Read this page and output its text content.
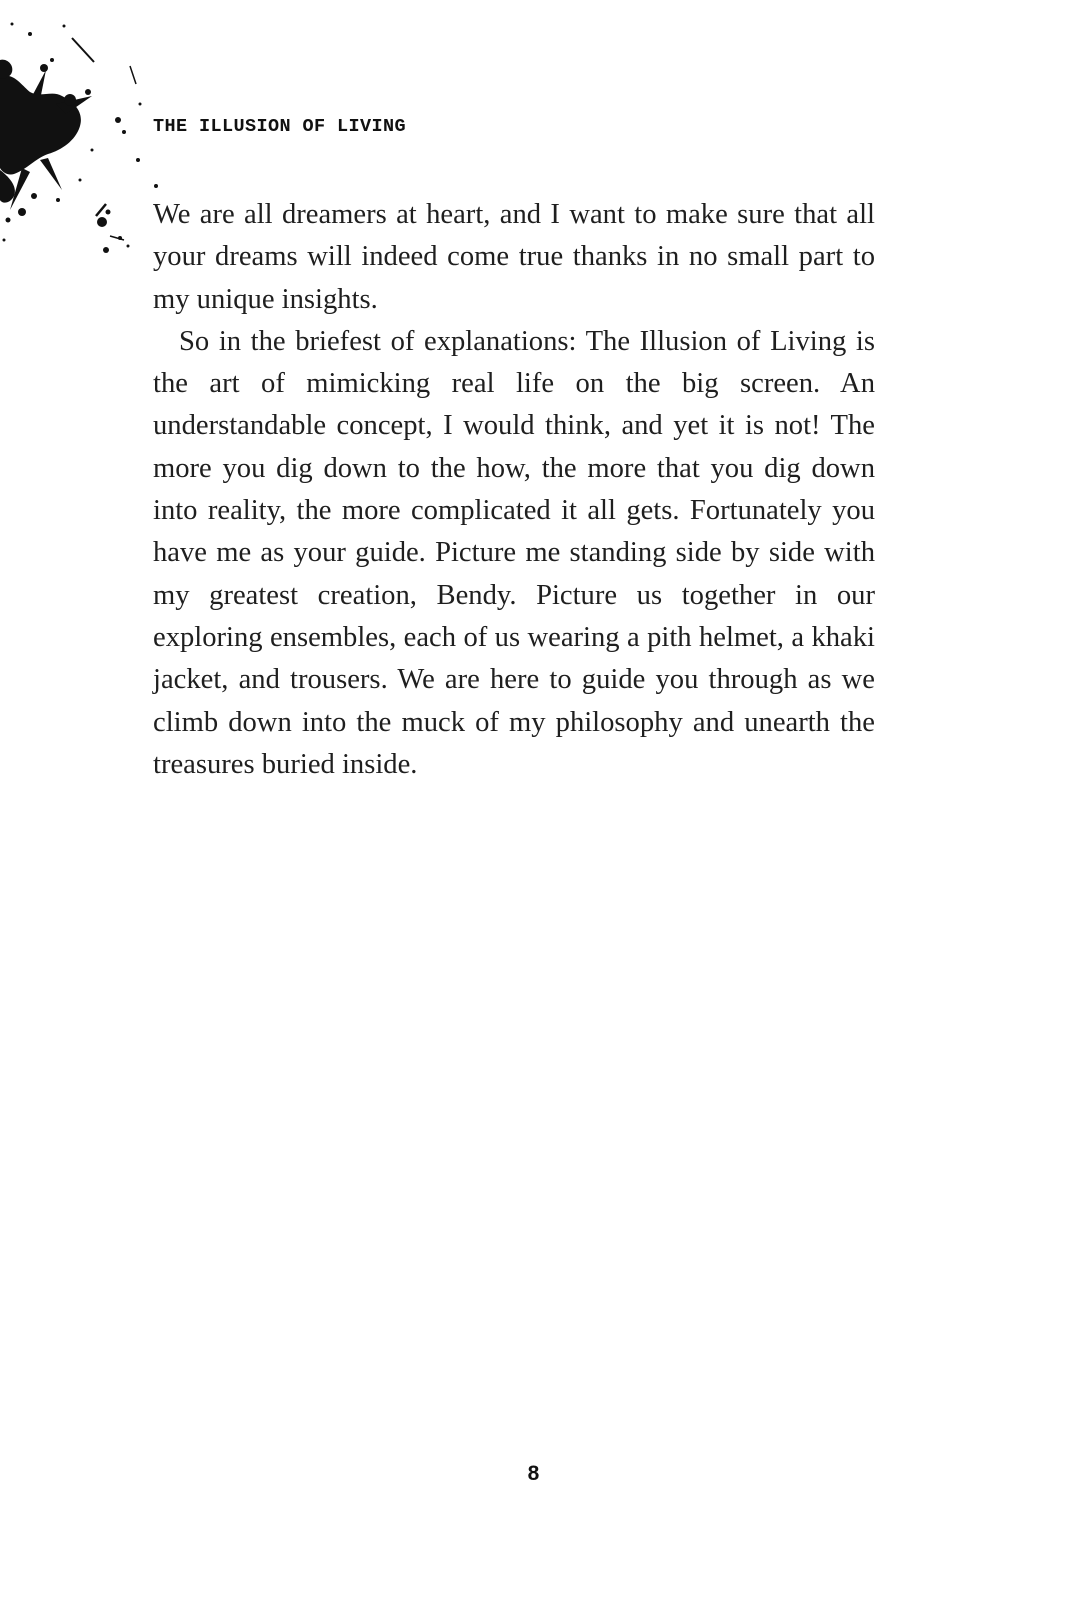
THE ILLUSION OF LIVING

We are all dreamers at heart, and I want to make sure that all your dreams will indeed come true thanks in no small part to my unique insights.

So in the briefest of explanations: The Illusion of Living is the art of mimicking real life on the big screen. An understandable concept, I would think, and yet it is not! The more you dig down to the how, the more that you dig down into reality, the more complicated it all gets. Fortunately you have me as your guide. Picture me standing side by side with my greatest creation, Bendy. Picture us together in our exploring ensembles, each of us wearing a pith helmet, a khaki jacket, and trousers. We are here to guide you through as we climb down into the muck of my philosophy and unearth the treasures buried inside.

8
